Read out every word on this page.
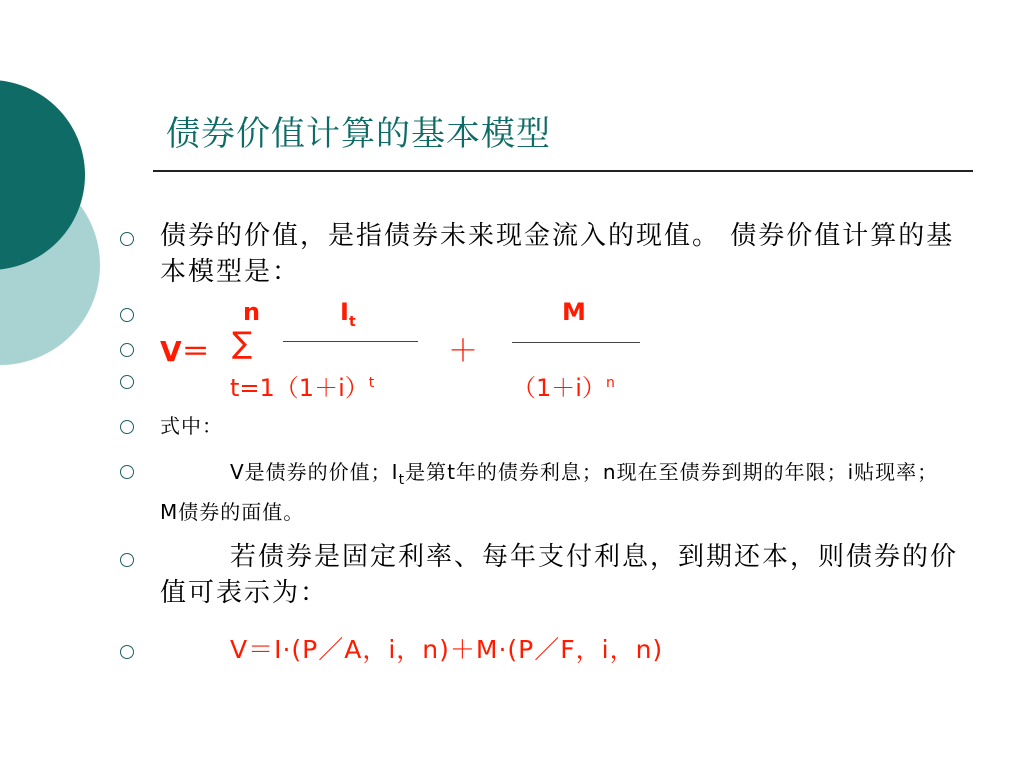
债券价值计算的基本模型
债券的价值，是指债券未来现金流入的现值。 债券价值计算的基本模型是：
n	$I_t$	M
V＝ ∑	＋
$t=1(1+i)^t$	$(1+i)^n$
式中：
V是债券的价值；$I_t$是第t年的债券利息；n现在至债券到期的年限；i贴现率；M债券的面值。
若债券是固定利率、每年支付利息，到期还本，则债券的价值可表示为：
V＝I·(P／A，i，n)＋M·(P／F，i，n)
